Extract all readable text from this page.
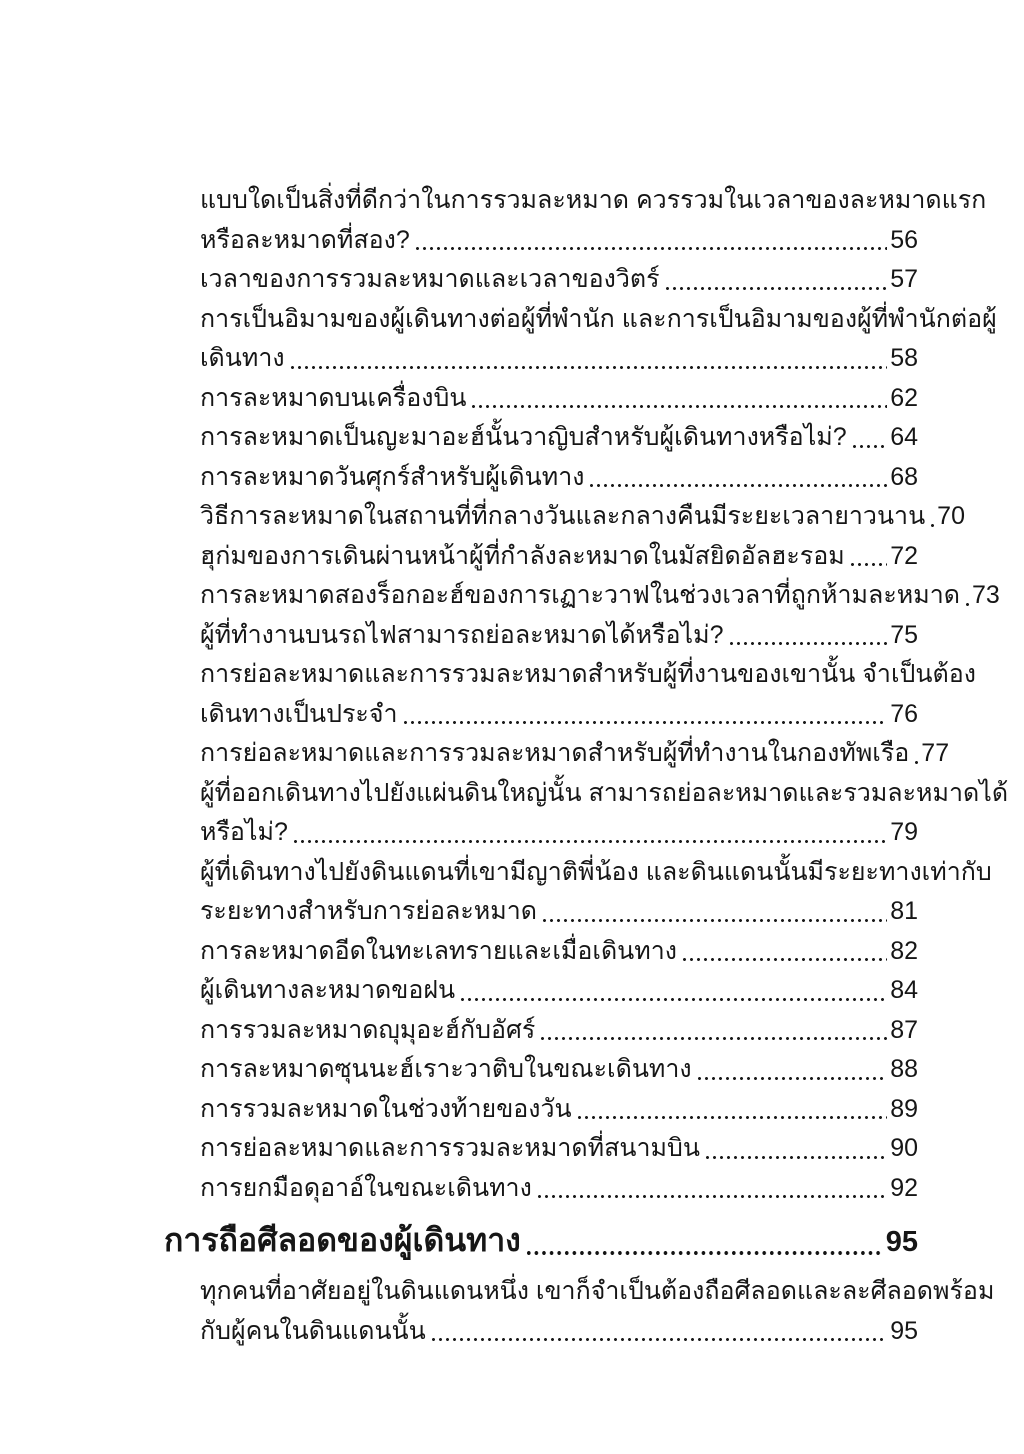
แบบใดเป็นสิ่งที่ดีกว่าในการรวมละหมาด ควรรวมในเวลาของละหมาดแรก
หรือละหมาดที่สอง?	56
เวลาของการรวมละหมาดและเวลาของวิตร์	57
การเป็นอิมามของผู้เดินทางต่อผู้ที่พำนัก และการเป็นอิมามของผู้ที่พำนักต่อผู้
เดินทาง	58
การละหมาดบนเครื่องบิน	62
การละหมาดเป็นญะมาอะฮ์นั้นวาญิบสำหรับผู้เดินทางหรือไม่? 64
การละหมาดวันศุกร์สำหรับผู้เดินทาง	68
วิธีการละหมาดในสถานที่ที่กลางวันและกลางคืนมีระยะเวลายาวนาน 70
ฮุก่มของการเดินผ่านหน้าผู้ที่กำลังละหมาดในมัสยิดอัลฮะรอม 72
การละหมาดสองร็อกอะฮ์ของการเฏาะวาฟในช่วงเวลาที่ถูกห้ามละหมาด 73
ผู้ที่ทำงานบนรถไฟสามารถย่อละหมาดได้หรือไม่?	75
การย่อละหมาดและการรวมละหมาดสำหรับผู้ที่งานของเขานั้น จำเป็นต้อง
เดินทางเป็นประจำ	76
การย่อละหมาดและการรวมละหมาดสำหรับผู้ที่ทำงานในกองทัพเรือ 77
ผู้ที่ออกเดินทางไปยังแผ่นดินใหญ่นั้น สามารถย่อละหมาดและรวมละหมาดได้
หรือไม่?	79
ผู้ที่เดินทางไปยังดินแดนที่เขามีญาติพี่น้อง และดินแดนนั้นมีระยะทางเท่ากับ
ระยะทางสำหรับการย่อละหมาด	81
การละหมาดอีดในทะเลทรายและเมื่อเดินทาง	82
ผู้เดินทางละหมาดขอฝน	84
การรวมละหมาดญุมุอะฮ์กับอัศร์	87
การละหมาดซุนนะฮ์เราะวาติบในขณะเดินทาง	88
การรวมละหมาดในช่วงท้ายของวัน	89
การย่อละหมาดและการรวมละหมาดที่สนามบิน	90
การยกมือดุอาอ์ในขณะเดินทาง	92
การถือศีลอดของผู้เดินทาง	95
ทุกคนที่อาศัยอยู่ในดินแดนหนึ่ง เขาก็จำเป็นต้องถือศีลอดและละศีลอดพร้อม
กับผู้คนในดินแดนนั้น	95
